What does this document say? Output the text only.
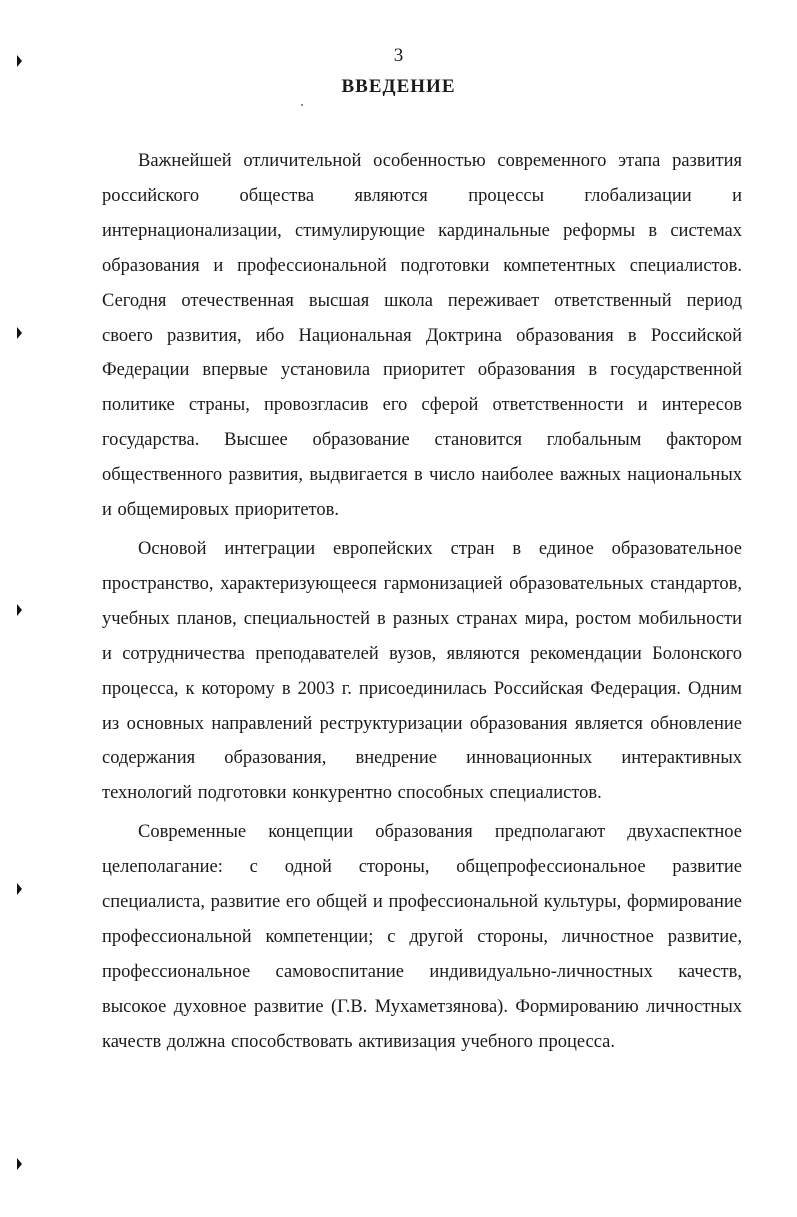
3
ВВЕДЕНИЕ

Важнейшей отличительной особенностью современного этапа развития российского общества являются процессы глобализации и интернационализации, стимулирующие кардинальные реформы в системах образования и профессиональной подготовки компетентных специалистов. Сегодня отечественная высшая школа переживает ответственный период своего развития, ибо Национальная Доктрина образования в Российской Федерации впервые установила приоритет образования в государственной политике страны, провозгласив его сферой ответственности и интересов государства. Высшее образование становится глобальным фактором общественного развития, выдвигается в число наиболее важных национальных и общемировых приоритетов.

Основой интеграции европейских стран в единое образовательное пространство, характеризующееся гармонизацией образовательных стандартов, учебных планов, специальностей в разных странах мира, ростом мобильности и сотрудничества преподавателей вузов, являются рекомендации Болонского процесса, к которому в 2003 г. присоединилась Российская Федерация. Одним из основных направлений реструктуризации образования является обновление содержания образования, внедрение инновационных интерактивных технологий подготовки конкурентно способных специалистов.

Современные концепции образования предполагают двухаспектное целеполагание: с одной стороны, общепрофессиональное развитие специалиста, развитие его общей и профессиональной культуры, формирование профессиональной компетенции; с другой стороны, личностное развитие, профессиональное самовоспитание индивидуально-личностных качеств, высокое духовное развитие (Г.В. Мухаметзянова). Формированию личностных качеств должна способствовать активизация учебного процесса.
